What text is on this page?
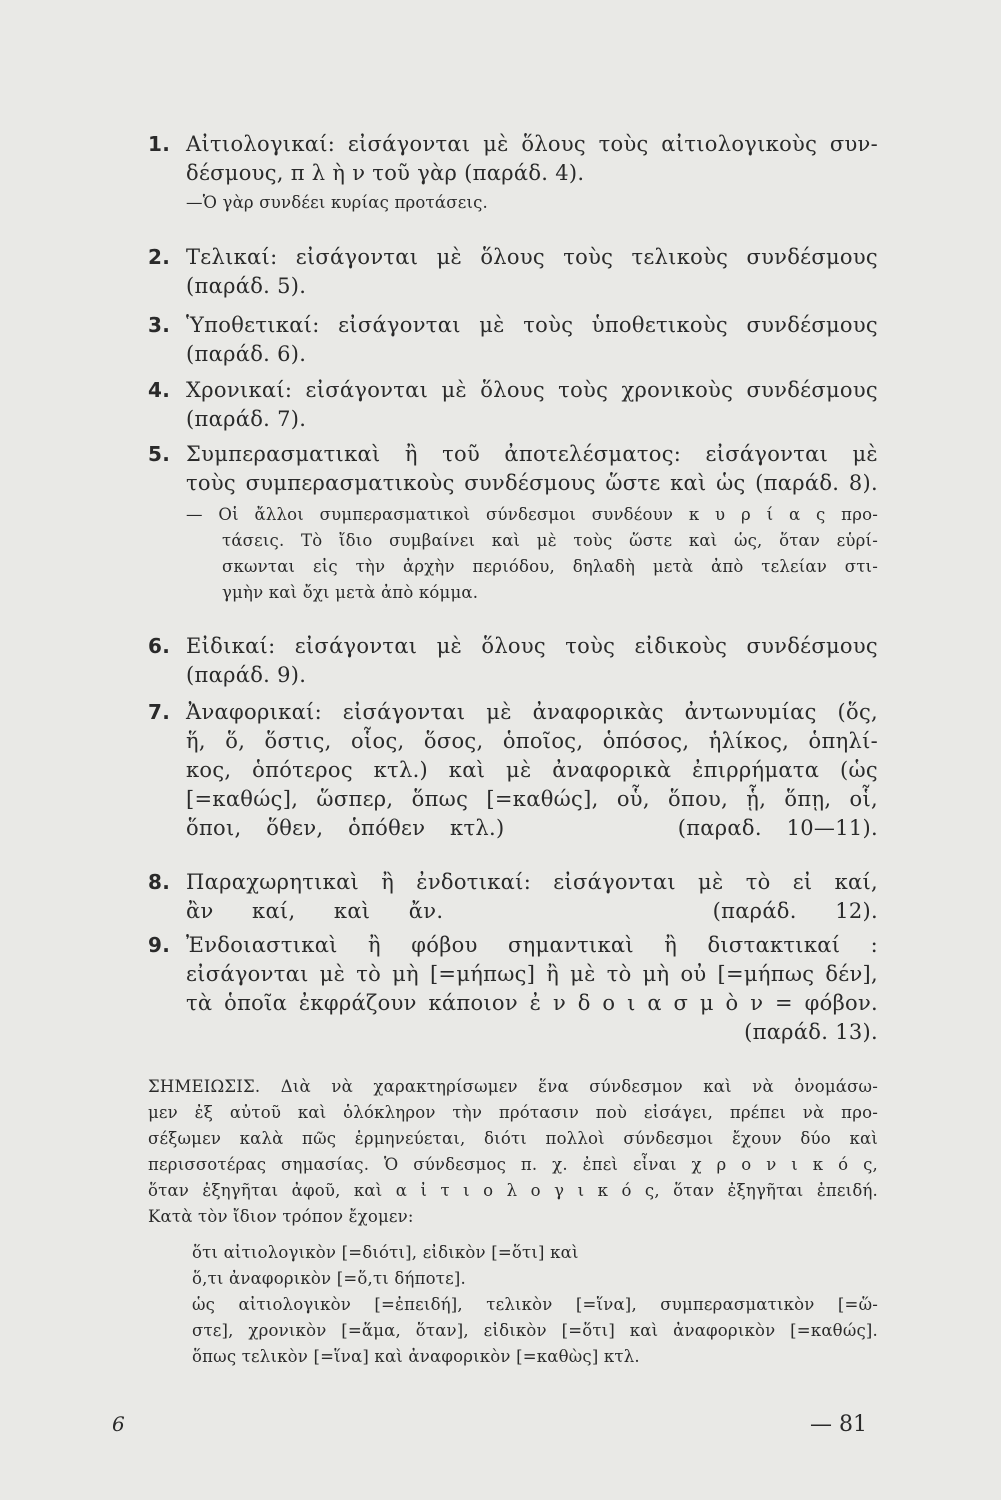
1. Αἰτιολογικαί: εἰσάγονται μὲ ὅλους τοὺς αἰτιολογικοὺς συν-
δέσμους, π λ ὴ ν τοῦ γὰρ (παράδ. 4).
—Ὁ γὰρ συνδέει κυρίας προτάσεις.
2. Τελικαί: εἰσάγονται μὲ ὅλους τοὺς τελικοὺς συνδέσμους
(παράδ. 5).
3. Ὑποθετικαί: εἰσάγονται μὲ τοὺς ὑποθετικοὺς συνδέσμους
(παράδ. 6).
4. Χρονικαί: εἰσάγονται μὲ ὅλους τοὺς χρονικοὺς συνδέσμους
(παράδ. 7).
5. Συμπερασματικαὶ ἢ τοῦ ἀποτελέσματος: εἰσάγονται μὲ
τοὺς συμπερασματικοὺς συνδέσμους ὥστε καὶ ὡς (παράδ. 8).
— Οἱ ἄλλοι συμπερασματικοὶ σύνδεσμοι συνδέουν κ υ ρ ί α ς προ-
τάσεις. Τὸ ἴδιο συμβαίνει καὶ μὲ τοὺς ὥστε καὶ ὡς, ὅταν εὑρί-
σκωνται εἰς τὴν ἀρχὴν περιόδου, δηλαδὴ μετὰ ἀπὸ τελείαν στι-
γμὴν καὶ ὄχι μετὰ ἀπὸ κόμμα.
6. Εἰδικαί: εἰσάγονται μὲ ὅλους τοὺς εἰδικοὺς συνδέσμους
(παράδ. 9).
7. Ἀναφορικαί: εἰσάγονται μὲ ἀναφορικὰς ἀντωνυμίας (ὅς,
ἥ, ὅ, ὅστις, οἷος, ὅσος, ὁποῖος, ὁπόσος, ἡλίκος, ὁπηλί-
κος, ὁπότερος κτλ.) καὶ μὲ ἀναφορικὰ ἐπιρρήματα (ὡς
[=καθώς], ὥσπερ, ὅπως [=καθώς], οὗ, ὅπου, ᾗ, ὅπῃ, οἷ,
ὅποι, ὅθεν, ὁπόθεν κτλ.)       (παραδ. 10—11).
8. Παραχωρητικαὶ ἢ ἐνδοτικαί: εἰσάγονται μὲ τὸ εἰ καί,
ἂν καί, καὶ ἄν.       (παράδ. 12).
9. Ἐνδοιαστικαὶ ἢ φόβου σημαντικαὶ ἢ διστακτικαί :
εἰσάγονται μὲ τὸ μὴ [=μήπως] ἢ μὲ τὸ μὴ οὐ [=μήπως δέν],
τὰ ὁποῖα ἐκφράζουν κάποιον ἐ ν δ ο ι α σ μ ὸ ν = φόβον.
(παράδ. 13).
ΣΗΜΕΙΩΣΙΣ. Διὰ νὰ χαρακτηρίσωμεν ἕνα σύνδεσμον καὶ νὰ ὀνομάσω-
μεν ἐξ αὐτοῦ καὶ ὁλόκληρον τὴν πρότασιν ποὺ εἰσάγει, πρέπει νὰ προ-
σέξωμεν καλὰ πῶς ἑρμηνεύεται, διότι πολλοὶ σύνδεσμοι ἔχουν δύο καὶ
περισσοτέρας σημασίας. Ὁ σύνδεσμος π. χ. ἐπεὶ εἶναι χ ρ ο ν ι κ ό ς,
ὅταν ἐξηγῆται ἀφοῦ, καὶ α ἰ τ ι ο λ ο γ ι κ ό ς, ὅταν ἐξηγῆται ἐπειδή.
Κατὰ τὸν ἴδιον τρόπον ἔχομεν:
ὅτι αἰτιολογικὸν [=διότι], εἰδικὸν [=ὅτι] καὶ
ὅ,τι ἀναφορικὸν [=ὅ,τι δήποτε].
ὡς αἰτιολογικὸν [=ἐπειδή], τελικὸν [=ἵνα], συμπερασματικὸν [=ὥ-
στε], χρονικὸν [=ἅμα, ὅταν], εἰδικὸν [=ὅτι] καὶ ἀναφορικὸν [=καθώς].
ὅπως τελικὸν [=ἵνα] καὶ ἀναφορικὸν [=καθὼς] κτλ.
6	— 81
